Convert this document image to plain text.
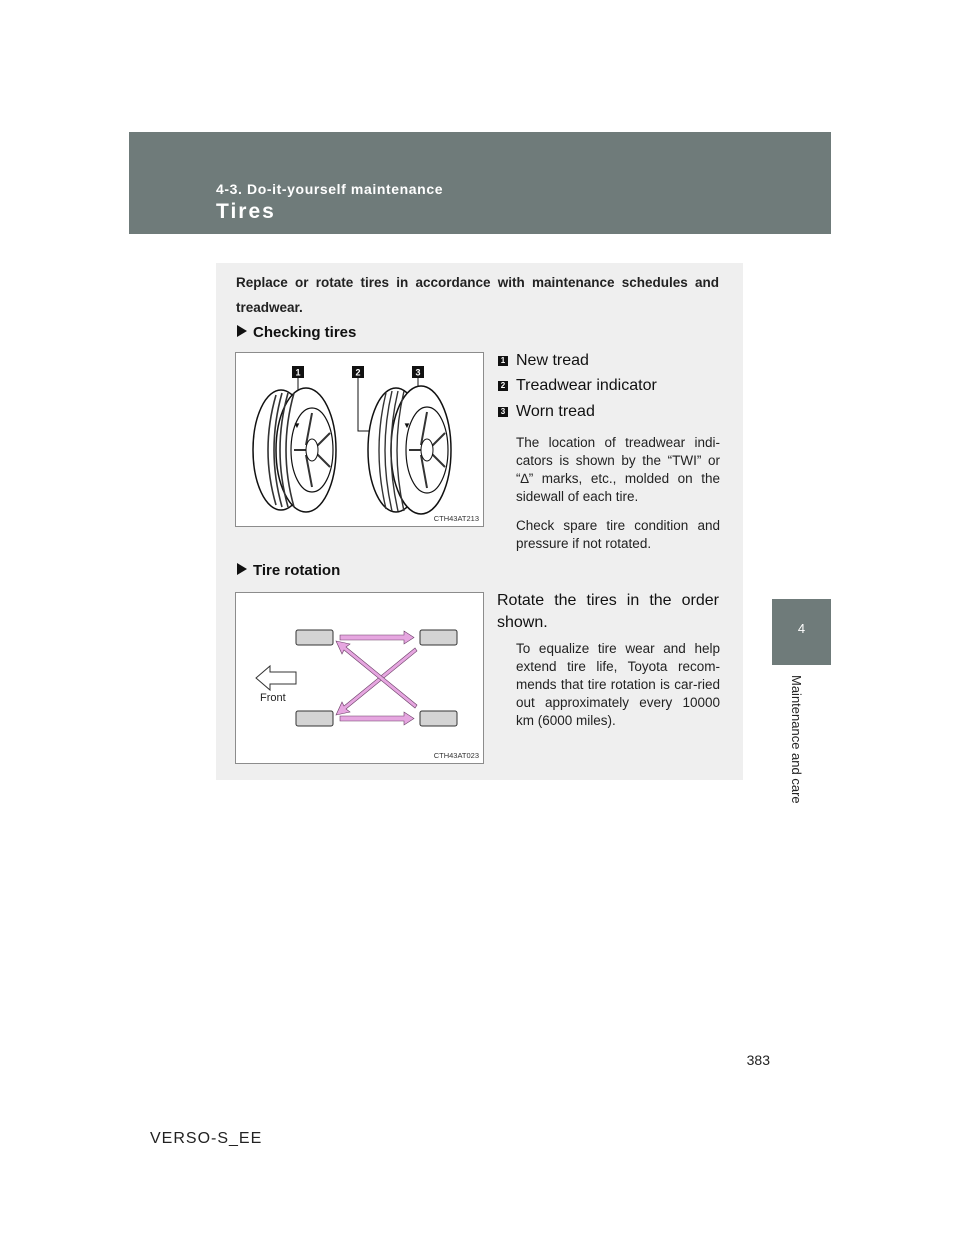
4-3. Do-it-yourself maintenance
Tires
4
Maintenance and care
Replace or rotate tires in accordance with maintenance schedules and treadwear.
Checking tires
1	2	3
▼	▼
CTH43AT213
1 New tread
2 Treadwear indicator
3 Worn tread
The location of treadwear indi-cators is shown by the “TWI” or “∆” marks, etc., molded on the sidewall of each tire.
Check spare tire condition and pressure if not rotated.
Tire rotation
Front
CTH43AT023
Rotate the tires in the order shown.
To equalize tire wear and help extend tire life, Toyota recom-mends that tire rotation is car-ried out approximately every 10000 km (6000 miles).
383
VERSO-S_EE
